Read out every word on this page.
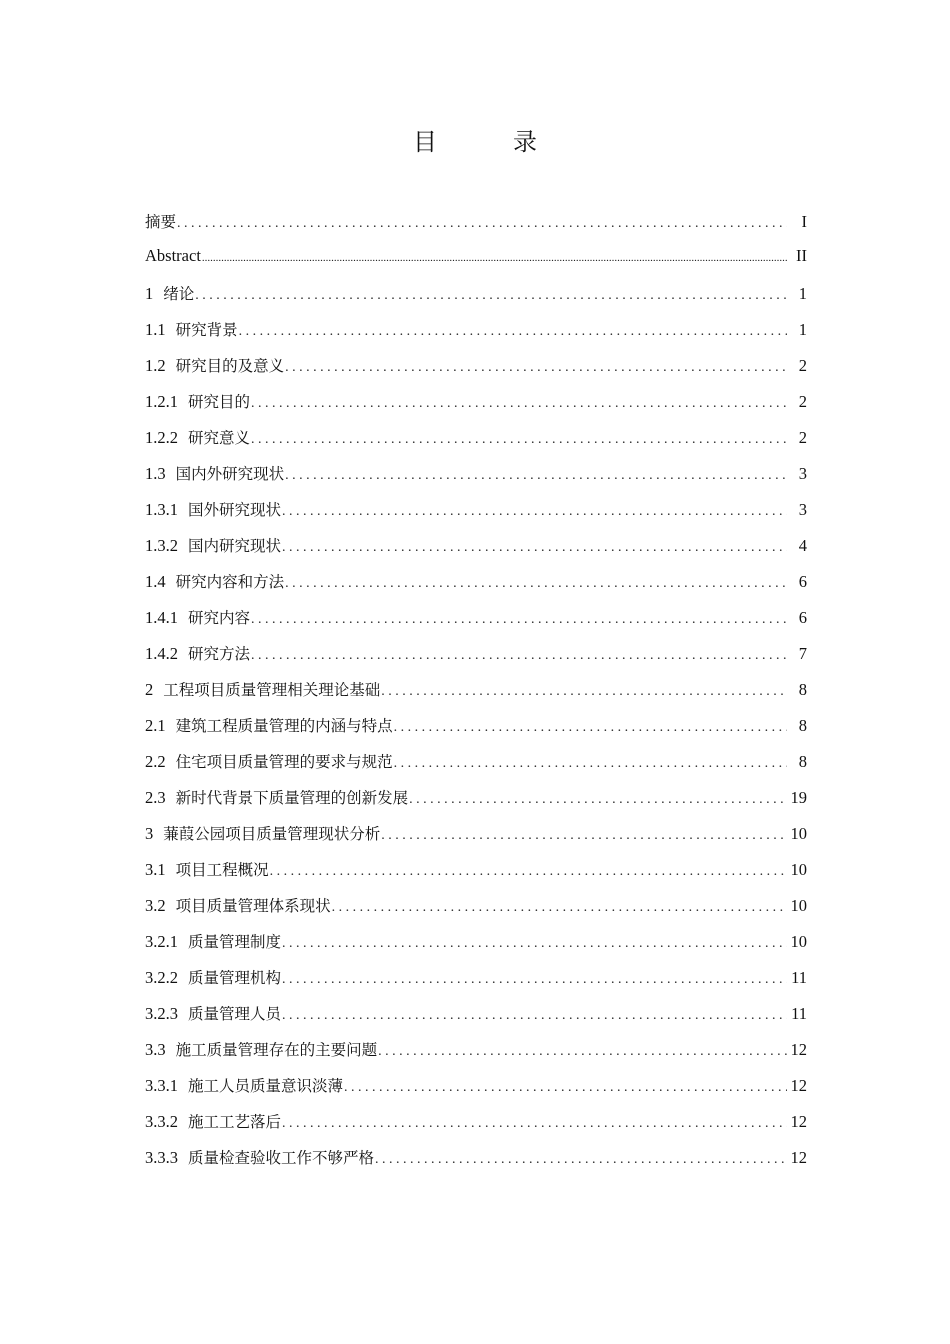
目　录
摘要 . . .	I
Abstract .....	II
1 绪论 . . .	1
1.1 研究背景 . . .	1
1.2 研究目的及意义 . . .	2
1.2.1 研究目的 . . .	2
1.2.2 研究意义 . . .	2
1.3 国内外研究现状 . . .	3
1.3.1 国外研究现状 . . .	3
1.3.2 国内研究现状 . . .	4
1.4 研究内容和方法 . . .	6
1.4.1 研究内容 . . .	6
1.4.2 研究方法 . . .	7
2 工程项目质量管理相关理论基础 . . .	8
2.1 建筑工程质量管理的内涵与特点 . . .	8
2.2 住宅项目质量管理的要求与规范 . . .	8
2.3 新时代背景下质量管理的创新发展 . . .	19
3 蒹葭公园项目质量管理现状分析 . . .	10
3.1 项目工程概况 . . .	10
3.2 项目质量管理体系现状 . . .	10
3.2.1 质量管理制度 . . .	10
3.2.2 质量管理机构 . . .	11
3.2.3 质量管理人员 . . .	11
3.3 施工质量管理存在的主要问题 . . .	12
3.3.1 施工人员质量意识淡薄 . . .	12
3.3.2 施工工艺落后 . . .	12
3.3.3 质量检查验收工作不够严格 . . .	12
